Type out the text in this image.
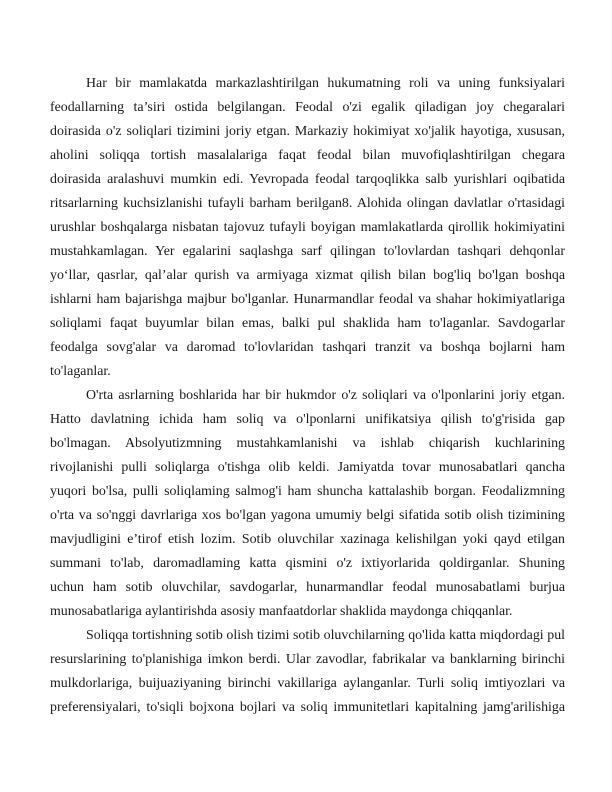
Har bir mamlakatda markazlashtirilgan hukumatning roli va uning funksiyalari
feodallarning ta’siri ostida belgilangan. Feodal o'zi egalik qiladigan joy chegaralari
doirasida o'z soliqlari tizimini joriy etgan. Markaziy hokimiyat xo'jalik hayotiga, xususan,
aholini soliqqa tortish masalalariga faqat feodal bilan muvofiqlashtirilgan chegara
doirasida aralashuvi mumkin edi. Yevropada feodal tarqoqlikka salb yurishlari oqibatida
ritsarlarning kuchsizlanishi tufayli barham berilgan8. Alohida olingan davlatlar o'rtasidagi
urushlar boshqalarga nisbatan tajovuz tufayli boyigan mamlakatlarda qirollik hokimiyatini
mustahkamlagan. Yer egalarini saqlashga sarf qilingan to'lovlardan tashqari dehqonlar
yoʻllar, qasrlar, qal’alar qurish va armiyaga xizmat qilish bilan bog'liq bo'lgan boshqa
ishlarni ham bajarishga majbur bo'lganlar. Hunarmandlar feodal va shahar hokimiyatlariga
soliqlami faqat buyumlar bilan emas, balki pul shaklida ham to'laganlar. Savdogarlar
feodalga sovg'alar va daromad to'lovlaridan tashqari tranzit va boshqa bojlarni ham
to'laganlar.
O'rta asrlarning boshlarida har bir hukmdor o'z soliqlari va o'lponlarini joriy etgan.
Hatto davlatning ichida ham soliq va o'lponlarni unifikatsiya qilish to'g'risida gap
bo'lmagan. Absolyutizmning mustahkamlanishi va ishlab chiqarish kuchlarining
rivojlanishi pulli soliqlarga o'tishga olib keldi. Jamiyatda tovar munosabatlari qancha
yuqori bo'lsa, pulli soliqlaming salmog'i ham shuncha kattalashib borgan. Feodalizmning
o'rta va so'nggi davrlariga xos bo'lgan yagona umumiy belgi sifatida sotib olish tizimining
mavjudligini e’tirof etish lozim. Sotib oluvchilar xazinaga kelishilgan yoki qayd etilgan
summani to'lab, daromadlaming katta qismini o'z ixtiyorlarida qoldirganlar. Shuning
uchun ham sotib oluvchilar, savdogarlar, hunarmandlar feodal munosabatlami burjua
munosabatlariga aylantirishda asosiy manfaatdorlar shaklida maydonga chiqqanlar.
Soliqqa tortishning sotib olish tizimi sotib oluvchilarning qo'lida katta miqdordagi pul
resurslarining to'planishiga imkon berdi. Ular zavodlar, fabrikalar va banklarning birinchi
mulkdorlariga, buijuaziyaning birinchi vakillariga aylanganlar. Turli soliq imtiyozlari va
preferensiyalari, to'siqli bojxona bojlari va soliq immunitetlari kapitalning jamg'arilishiga
